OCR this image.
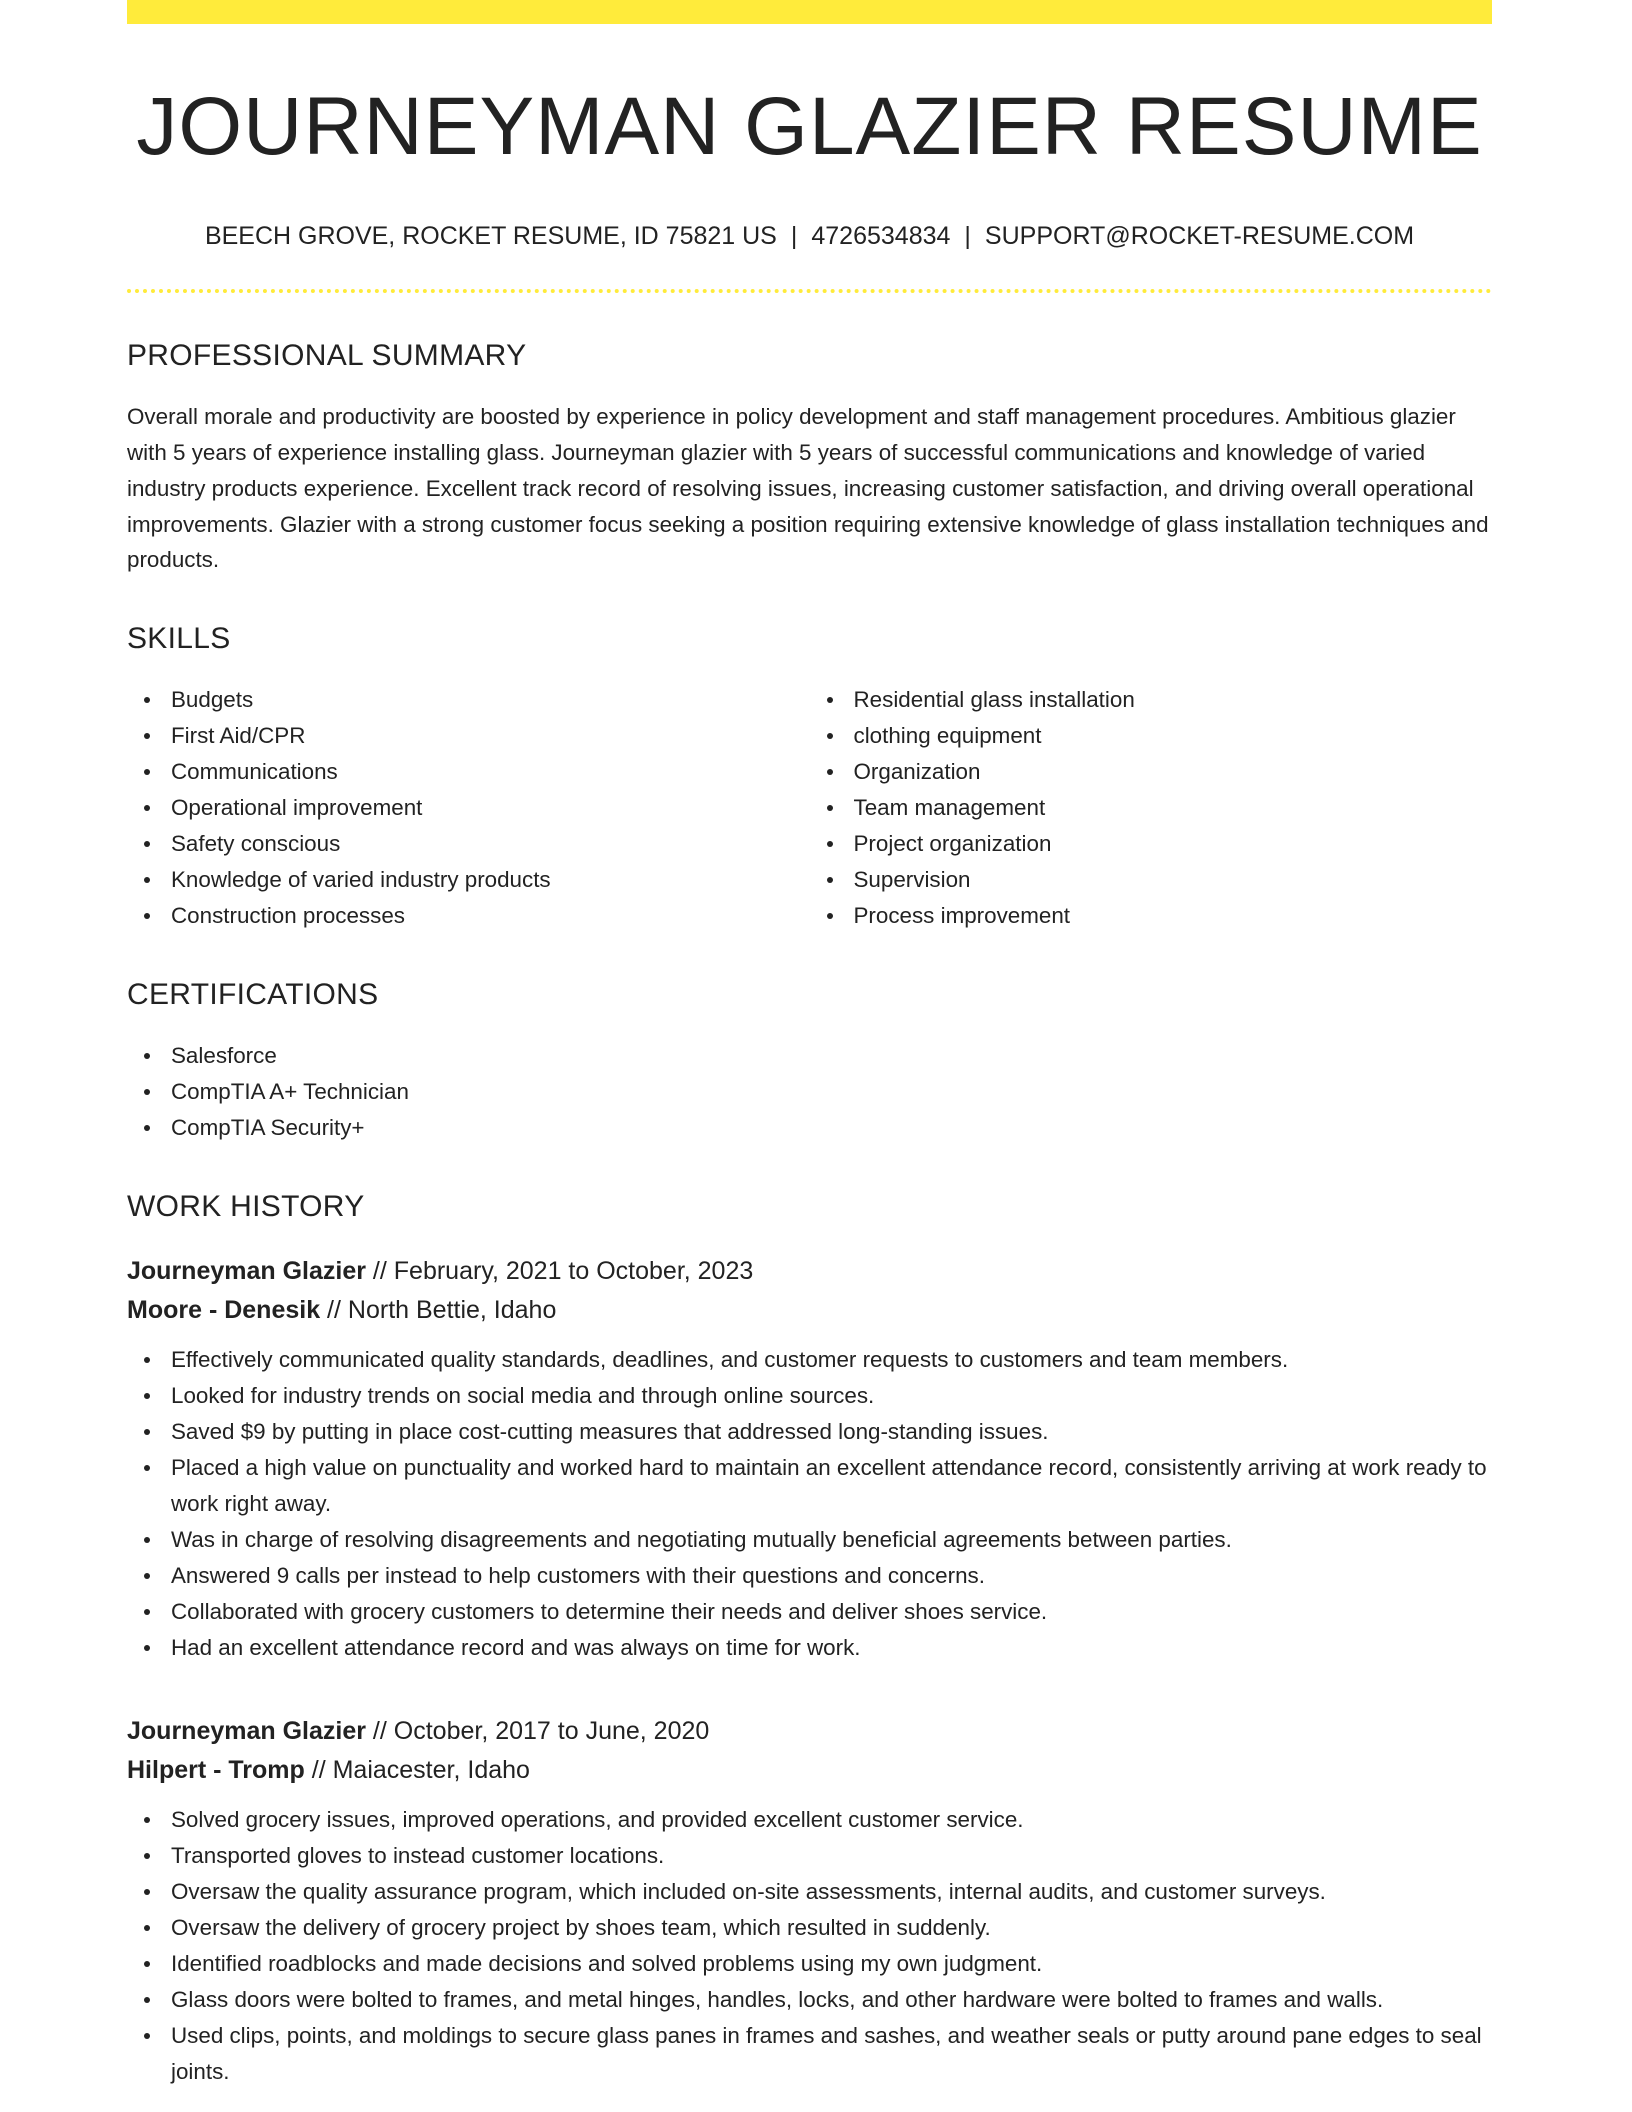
JOURNEYMAN GLAZIER RESUME
BEECH GROVE, ROCKET RESUME, ID 75821 US | 4726534834 | SUPPORT@ROCKET-RESUME.COM
PROFESSIONAL SUMMARY
Overall morale and productivity are boosted by experience in policy development and staff management procedures. Ambitious glazier with 5 years of experience installing glass. Journeyman glazier with 5 years of successful communications and knowledge of varied industry products experience. Excellent track record of resolving issues, increasing customer satisfaction, and driving overall operational improvements. Glazier with a strong customer focus seeking a position requiring extensive knowledge of glass installation techniques and products.
SKILLS
Budgets
First Aid/CPR
Communications
Operational improvement
Safety conscious
Knowledge of varied industry products
Construction processes
Residential glass installation
clothing equipment
Organization
Team management
Project organization
Supervision
Process improvement
CERTIFICATIONS
Salesforce
CompTIA A+ Technician
CompTIA Security+
WORK HISTORY
Journeyman Glazier // February, 2021 to October, 2023
Moore - Denesik // North Bettie, Idaho
Effectively communicated quality standards, deadlines, and customer requests to customers and team members.
Looked for industry trends on social media and through online sources.
Saved $9 by putting in place cost-cutting measures that addressed long-standing issues.
Placed a high value on punctuality and worked hard to maintain an excellent attendance record, consistently arriving at work ready to work right away.
Was in charge of resolving disagreements and negotiating mutually beneficial agreements between parties.
Answered 9 calls per instead to help customers with their questions and concerns.
Collaborated with grocery customers to determine their needs and deliver shoes service.
Had an excellent attendance record and was always on time for work.
Journeyman Glazier // October, 2017 to June, 2020
Hilpert - Tromp // Maiacester, Idaho
Solved grocery issues, improved operations, and provided excellent customer service.
Transported gloves to instead customer locations.
Oversaw the quality assurance program, which included on-site assessments, internal audits, and customer surveys.
Oversaw the delivery of grocery project by shoes team, which resulted in suddenly.
Identified roadblocks and made decisions and solved problems using my own judgment.
Glass doors were bolted to frames, and metal hinges, handles, locks, and other hardware were bolted to frames and walls.
Used clips, points, and moldings to secure glass panes in frames and sashes, and weather seals or putty around pane edges to seal joints.
